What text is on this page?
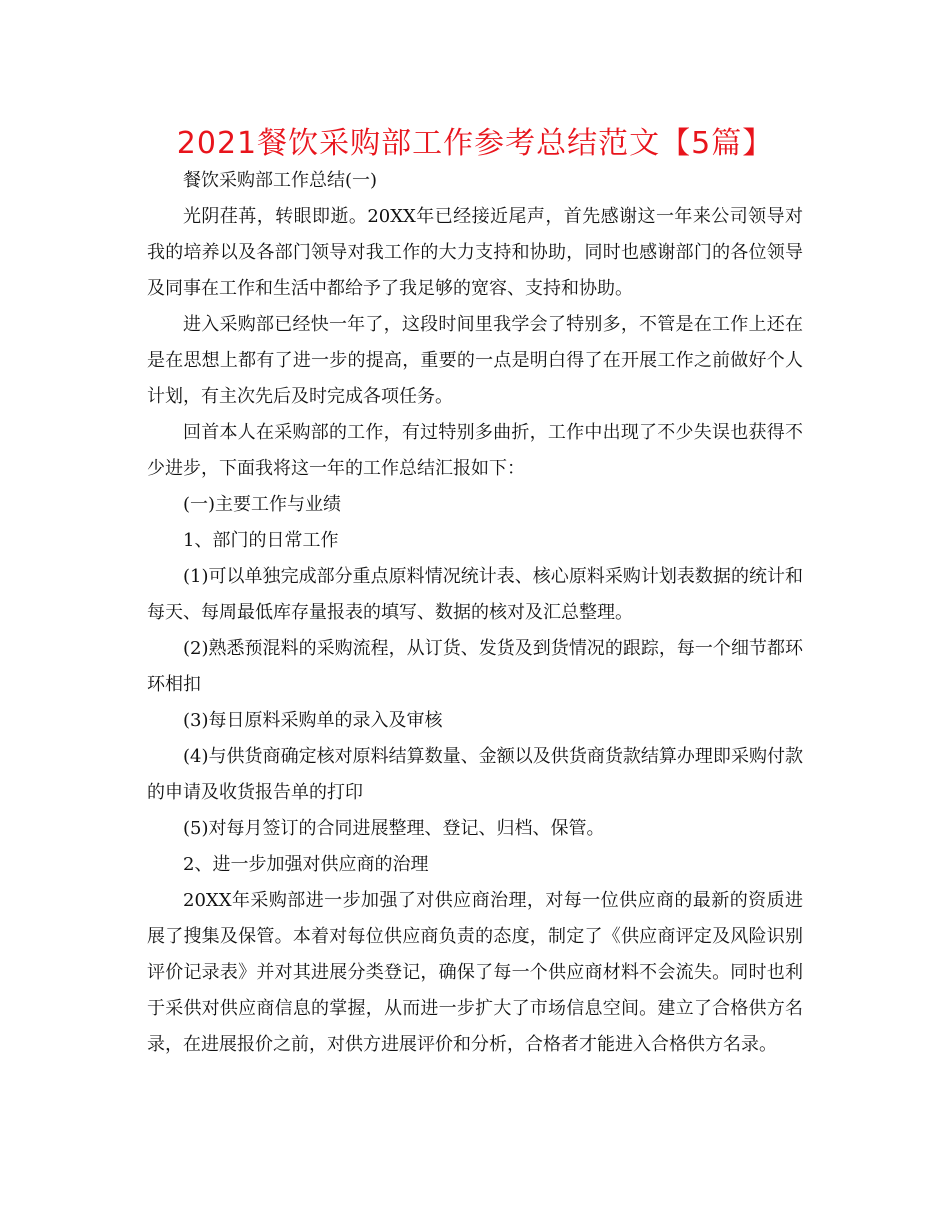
2021餐饮采购部工作参考总结范文【5篇】

餐饮采购部工作总结(一)

光阴荏苒，转眼即逝。20XX年已经接近尾声，首先感谢这一年来公司领导对我的培养以及各部门领导对我工作的大力支持和协助，同时也感谢部门的各位领导及同事在工作和生活中都给予了我足够的宽容、支持和协助。

进入采购部已经快一年了，这段时间里我学会了特别多，不管是在工作上还在是在思想上都有了进一步的提高，重要的一点是明白得了在开展工作之前做好个人计划，有主次先后及时完成各项任务。

回首本人在采购部的工作，有过特别多曲折，工作中出现了不少失误也获得不少进步，下面我将这一年的工作总结汇报如下：

(一)主要工作与业绩

1、部门的日常工作

(1)可以单独完成部分重点原料情况统计表、核心原料采购计划表数据的统计和每天、每周最低库存量报表的填写、数据的核对及汇总整理。

(2)熟悉预混料的采购流程，从订货、发货及到货情况的跟踪，每一个细节都环环相扣

(3)每日原料采购单的录入及审核

(4)与供货商确定核对原料结算数量、金额以及供货商货款结算办理即采购付款的申请及收货报告单的打印

(5)对每月签订的合同进展整理、登记、归档、保管。

2、进一步加强对供应商的治理

20XX年采购部进一步加强了对供应商治理，对每一位供应商的最新的资质进展了搜集及保管。本着对每位供应商负责的态度，制定了《供应商评定及风险识别评价记录表》并对其进展分类登记，确保了每一个供应商材料不会流失。同时也利于采供对供应商信息的掌握，从而进一步扩大了市场信息空间。建立了合格供方名录，在进展报价之前，对供方进展评价和分析，合格者才能进入合格供方名录。
